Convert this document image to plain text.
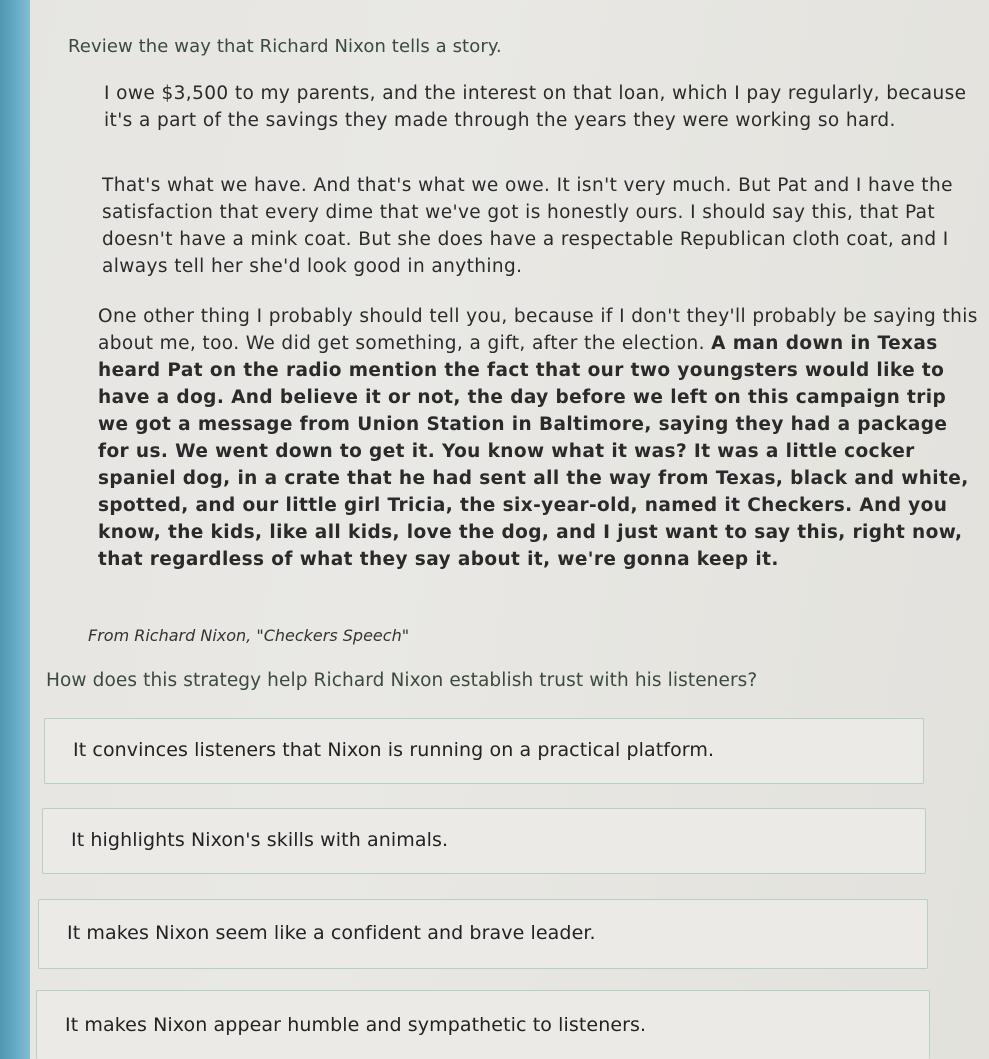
Review the way that Richard Nixon tells a story.
I owe $3,500 to my parents, and the interest on that loan, which I pay regularly, because it's a part of the savings they made through the years they were working so hard.
That's what we have. And that's what we owe. It isn't very much. But Pat and I have the satisfaction that every dime that we've got is honestly ours. I should say this, that Pat doesn't have a mink coat. But she does have a respectable Republican cloth coat, and I always tell her she'd look good in anything.
One other thing I probably should tell you, because if I don't they'll probably be saying this about me, too. We did get something, a gift, after the election. A man down in Texas heard Pat on the radio mention the fact that our two youngsters would like to have a dog. And believe it or not, the day before we left on this campaign trip we got a message from Union Station in Baltimore, saying they had a package for us. We went down to get it. You know what it was? It was a little cocker spaniel dog, in a crate that he had sent all the way from Texas, black and white, spotted, and our little girl Tricia, the six-year-old, named it Checkers. And you know, the kids, like all kids, love the dog, and I just want to say this, right now, that regardless of what they say about it, we're gonna keep it.
From Richard Nixon, "Checkers Speech"
How does this strategy help Richard Nixon establish trust with his listeners?
It convinces listeners that Nixon is running on a practical platform.
It highlights Nixon's skills with animals.
It makes Nixon seem like a confident and brave leader.
It makes Nixon appear humble and sympathetic to listeners.
